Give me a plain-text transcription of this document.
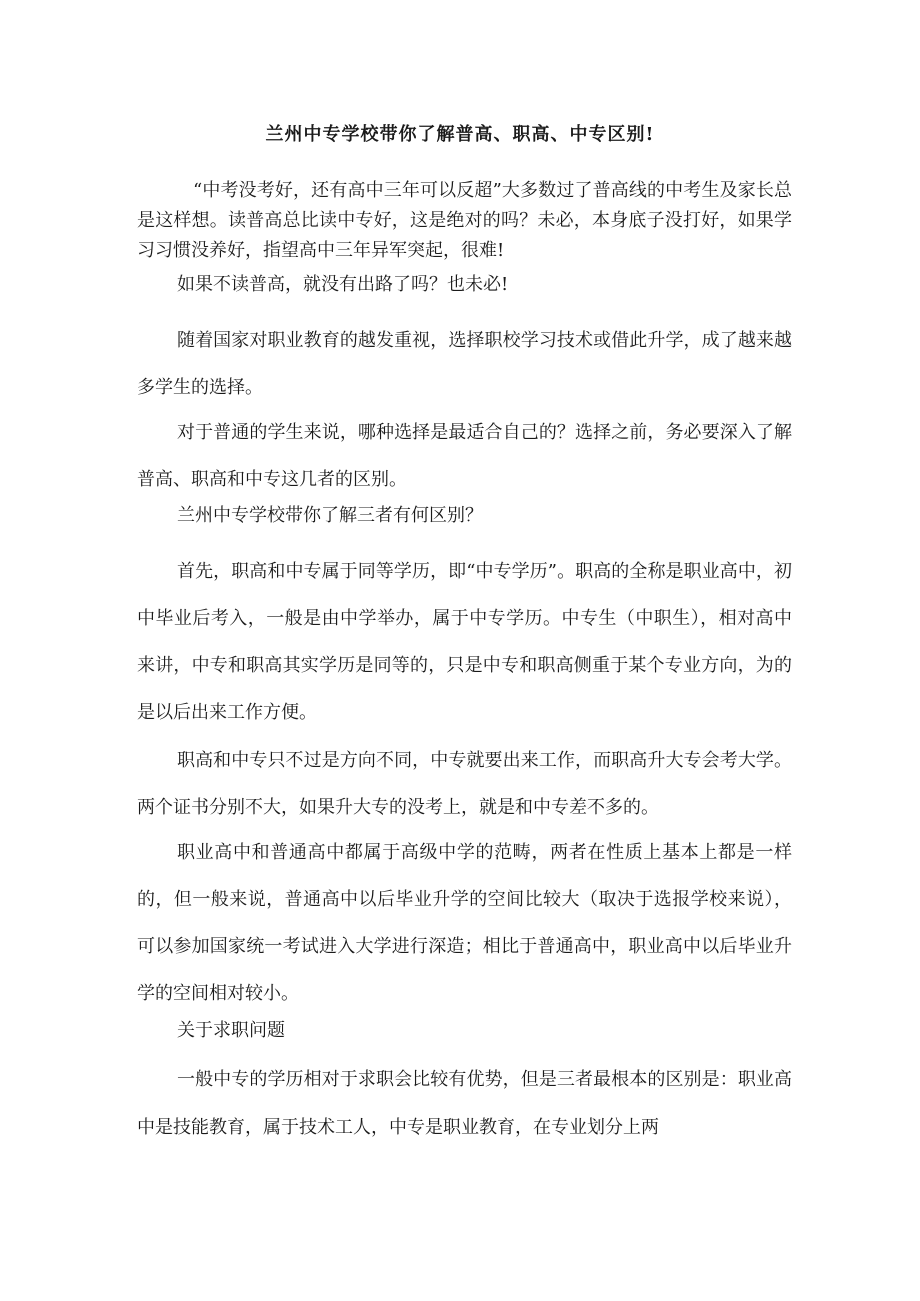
兰州中专学校带你了解普高、职高、中专区别!

“中考没考好，还有高中三年可以反超”大多数过了普高线的中考生及家长总是这样想。读普高总比读中专好，这是绝对的吗？未必，本身底子没打好，如果学习习惯没养好，指望高中三年异军突起，很难!

如果不读普高，就没有出路了吗？也未必!

随着国家对职业教育的越发重视，选择职校学习技术或借此升学，成了越来越多学生的选择。

对于普通的学生来说，哪种选择是最适合自己的？选择之前，务必要深入了解普高、职高和中专这几者的区别。

兰州中专学校带你了解三者有何区别？

首先，职高和中专属于同等学历，即“中专学历”。职高的全称是职业高中，初中毕业后考入，一般是由中学举办，属于中专学历。中专生（中职生），相对高中来讲，中专和职高其实学历是同等的，只是中专和职高侧重于某个专业方向，为的是以后出来工作方便。

职高和中专只不过是方向不同，中专就要出来工作，而职高升大专会考大学。两个证书分别不大，如果升大专的没考上，就是和中专差不多的。

职业高中和普通高中都属于高级中学的范畴，两者在性质上基本上都是一样的，但一般来说，普通高中以后毕业升学的空间比较大（取决于选报学校来说），可以参加国家统一考试进入大学进行深造；相比于普通高中，职业高中以后毕业升学的空间相对较小。

关于求职问题

一般中专的学历相对于求职会比较有优势，但是三者最根本的区别是：职业高中是技能教育，属于技术工人，中专是职业教育，在专业划分上两
